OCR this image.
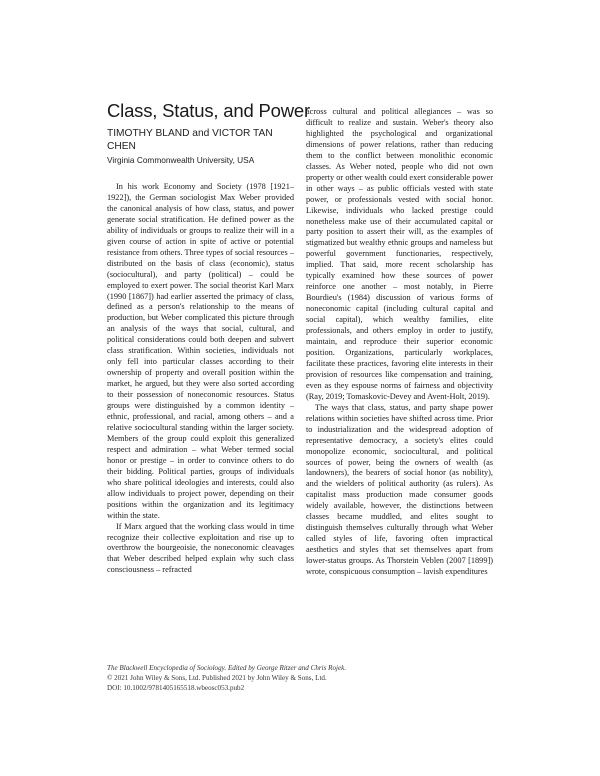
Class, Status, and Power
TIMOTHY BLAND and VICTOR TAN CHEN
Virginia Commonwealth University, USA

In his work Economy and Society (1978 [1921–1922]), the German sociologist Max Weber provided the canonical analysis of how class, status, and power generate social stratification. He defined power as the ability of individuals or groups to realize their will in a given course of action in spite of active or potential resistance from others. Three types of social resources – distributed on the basis of class (economic), status (sociocultural), and party (political) – could be employed to exert power. The social theorist Karl Marx (1990 [1867]) had earlier asserted the primacy of class, defined as a person's relationship to the means of production, but Weber complicated this picture through an analysis of the ways that social, cultural, and political considerations could both deepen and subvert class stratification. Within societies, individuals not only fell into particular classes according to their ownership of property and overall position within the market, he argued, but they were also sorted according to their possession of noneconomic resources. Status groups were distinguished by a common identity – ethnic, professional, and racial, among others – and a relative sociocultural standing within the larger society. Members of the group could exploit this generalized respect and admiration – what Weber termed social honor or prestige – in order to convince others to do their bidding. Political parties, groups of individuals who share political ideologies and interests, could also allow individuals to project power, depending on their positions within the organization and its legitimacy within the state.

If Marx argued that the working class would in time recognize their collective exploitation and rise up to overthrow the bourgeoisie, the noneconomic cleavages that Weber described helped explain why such class consciousness – refracted

across cultural and political allegiances – was so difficult to realize and sustain. Weber's theory also highlighted the psychological and organizational dimensions of power relations, rather than reducing them to the conflict between monolithic economic classes. As Weber noted, people who did not own property or other wealth could exert considerable power in other ways – as public officials vested with state power, or professionals vested with social honor. Likewise, individuals who lacked prestige could nonetheless make use of their accumulated capital or party position to assert their will, as the examples of stigmatized but wealthy ethnic groups and nameless but powerful government functionaries, respectively, implied. That said, more recent scholarship has typically examined how these sources of power reinforce one another – most notably, in Pierre Bourdieu's (1984) discussion of various forms of noneconomic capital (including cultural capital and social capital), which wealthy families, elite professionals, and others employ in order to justify, maintain, and reproduce their superior economic position. Organizations, particularly workplaces, facilitate these practices, favoring elite interests in their provision of resources like compensation and training, even as they espouse norms of fairness and objectivity (Ray, 2019; Tomaskovic-Devey and Avent-Holt, 2019).

The ways that class, status, and party shape power relations within societies have shifted across time. Prior to industrialization and the widespread adoption of representative democracy, a society's elites could monopolize economic, sociocultural, and political sources of power, being the owners of wealth (as landowners), the bearers of social honor (as nobility), and the wielders of political authority (as rulers). As capitalist mass production made consumer goods widely available, however, the distinctions between classes became muddled, and elites sought to distinguish themselves culturally through what Weber called styles of life, favoring often impractical aesthetics and styles that set themselves apart from lower-status groups. As Thorstein Veblen (2007 [1899]) wrote, conspicuous consumption – lavish expenditures

The Blackwell Encyclopedia of Sociology. Edited by George Ritzer and Chris Rojek.
© 2021 John Wiley & Sons, Ltd. Published 2021 by John Wiley & Sons, Ltd.
DOI: 10.1002/9781405165518.wbeosc053.pub2
